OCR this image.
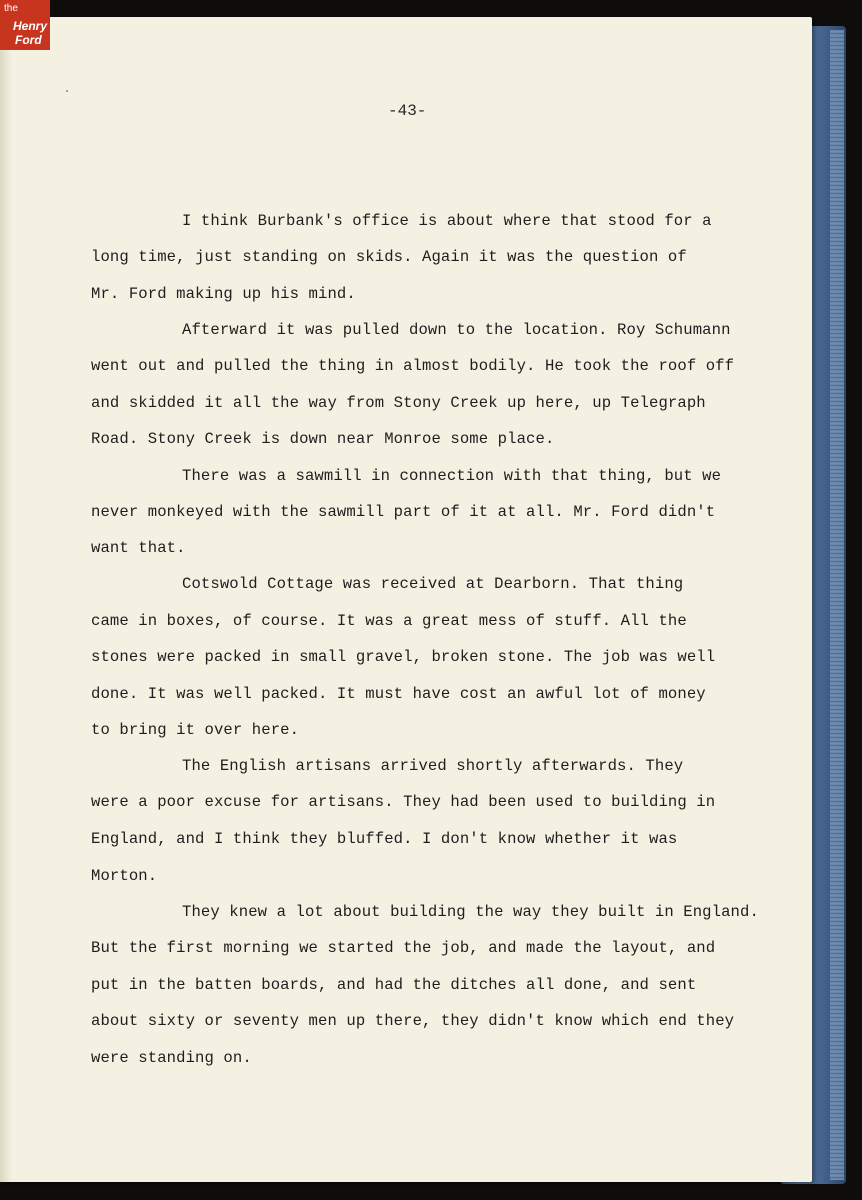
the
Henry
Ford
-43-
I think Burbank's office is about where that stood for a
long time, just standing on skids. Again it was the question of
Mr. Ford making up his mind.
Afterward it was pulled down to the location. Roy Schumann
went out and pulled the thing in almost bodily. He took the roof off
and skidded it all the way from Stony Creek up here, up Telegraph
Road. Stony Creek is down near Monroe some place.
There was a sawmill in connection with that thing, but we
never monkeyed with the sawmill part of it at all. Mr. Ford didn't
want that.
Cotswold Cottage was received at Dearborn. That thing
came in boxes, of course. It was a great mess of stuff. All the
stones were packed in small gravel, broken stone. The job was well
done. It was well packed. It must have cost an awful lot of money
to bring it over here.
The English artisans arrived shortly afterwards. They
were a poor excuse for artisans. They had been used to building in
England, and I think they bluffed. I don't know whether it was
Morton.
They knew a lot about building the way they built in England.
But the first morning we started the job, and made the layout, and
put in the batten boards, and had the ditches all done, and sent
about sixty or seventy men up there, they didn't know which end they
were standing on.
